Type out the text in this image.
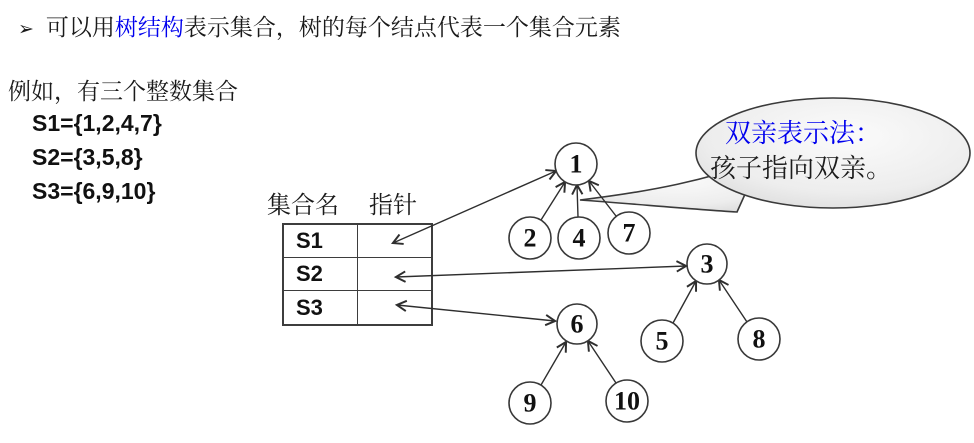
➢ 可以用树结构表示集合，树的每个结点代表一个集合元素
例如，有三个整数集合
S1={1,2,4,7}
S2={3,5,8}
S3={6,9,10}
集合名 指针
S1
S2
S3
1
2 4 7
3
5	8
6
9	10
双亲表示法：
孩子指向双亲。
